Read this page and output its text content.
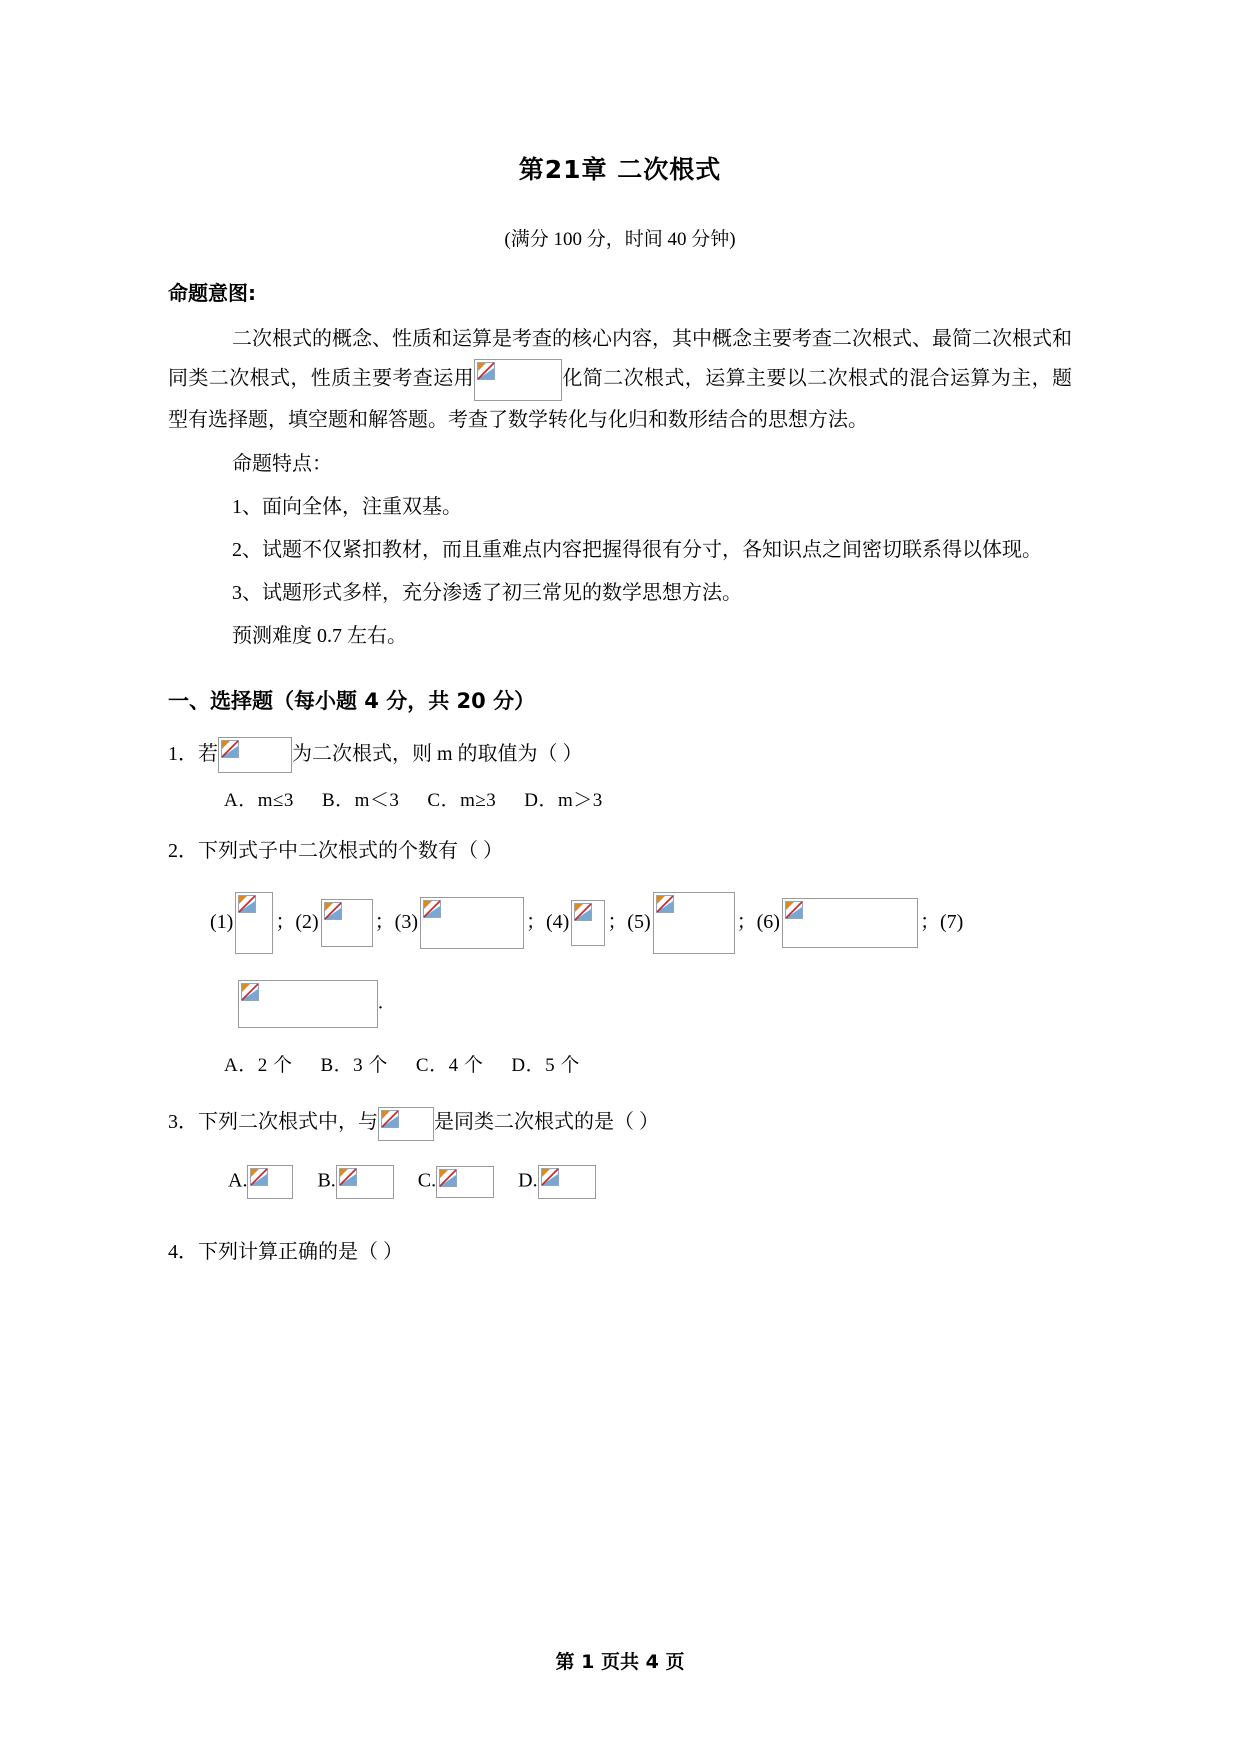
第21章 二次根式
(满分 100 分，时间 40 分钟)
命题意图:

二次根式的概念、性质和运算是考查的核心内容，其中概念主要考查二次根式、最简二次根式和同类二次根式，性质主要考查运用	化简二次根式，运算主要以二次根式的混合运算为主，题型有选择题，填空题和解答题。考查了数学转化与化归和数形结合的思想方法。

命题特点：

1、面向全体，注重双基。

2、试题不仅紧扣教材，而且重难点内容把握得很有分寸，各知识点之间密切联系得以体现。

3、试题形式多样，充分渗透了初三常见的数学思想方法。

预测难度 0.7 左右。

一、选择题（每小题 4 分，共 20 分）
1．若	为二次根式，则 m 的取值为（ ）
A．m≤3 B．m＜3 C．m≥3 D．m＞3
2．下列式子中二次根式的个数有（ ）
(1) ；(2)	；(3)	；(4) ；(5)	；(6)	；(7)
.
A．2 个 B．3 个 C．4 个 D．5 个
3．下列二次根式中，与	是同类二次根式的是（ ）
A.	B.	C.	D.
4．下列计算正确的是（ ）
第 1 页共 4 页
